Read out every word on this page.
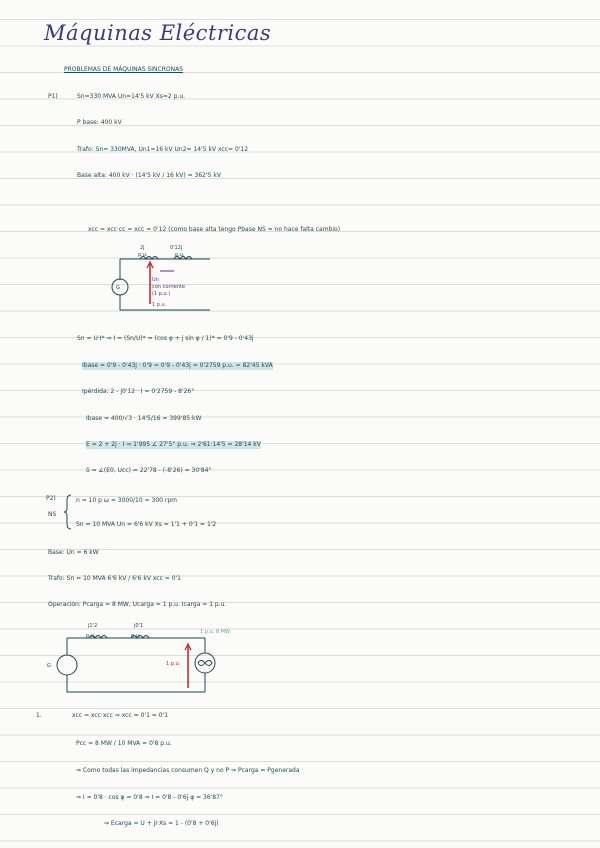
Máquinas Eléctricas
PROBLEMAS DE MÁQUINAS SINCRONAS
P1)	Sn=330 MVA Un=14'5 kV Xs=2 p.u.
P base: 400 kV
Trafo: Sn= 330MVA, Un1=16 kV Un2= 14'5 kV xcc= 0'12
Base alta: 400 kV · (14'5 kV / 16 kV) = 362'5 kV
xcc = xcc·cc = xcc = 0'12 (como base alta tengo Pbase NS = no hace falta cambio)
G
2j
p.u.
0'12j
p.u.
Un
con corriente
(1 p.u.)
1 p.u.
Sn = U·I* ⇒ I = (Sn/U)* = (cos φ + j sin φ / 1)* = 0'9 - 0'43j
Ibase = 0'9 - 0'43j · 0'9 = 0'9 - 0'43j = 0'2759 p.u. = 82'45 kVA
Ipérdida: 2 - j0'12 · I = 0'2759 - 8'26°
Ibase = 400/√3 · 14'5/16 = 399'85 kW
E = 2 + 2j · I ⇒ 1'995 ∠ 27'5° p.u. ⇒ 2'61·14'5 = 28'14 kV
δ = ∠(E0, Ucc) = 22'78 - (-8'26) = 30'84°
P2)
NS
n = 10 p ω = 3000/10 = 300 rpm
Sn = 10 MVA Un = 6'6 kV Xs = 1'1 + 0'1 = 1'2
Base: Un = 6 kW
Trafo: Sn = 10 MVA 6'6 kV / 6'6 kV xcc = 0'1
Operación: Pcarga = 8 MW, Ucarga = 1 p.u. Icarga = 1 p.u.
G
j1'2
p.u.
j0'1
p.u.
1 p.u. 8 MW
1 p.u.
1.	xcc = xcc·xcc ⇒ xcc = 0'1 = 0'1
Pcc = 8 MW / 10 MVA = 0'8 p.u.
⇒ Como todas las impedancias consumen Q y no P ⇒ Pcarga = Pgenerada
⇒ I = 0'8 · cos φ = 0'8 ⇒ I = 0'8 - 0'6j φ = 36'87°
⇒ Ecarga = U + jI·Xs = 1 - (0'8 + 0'6j)
